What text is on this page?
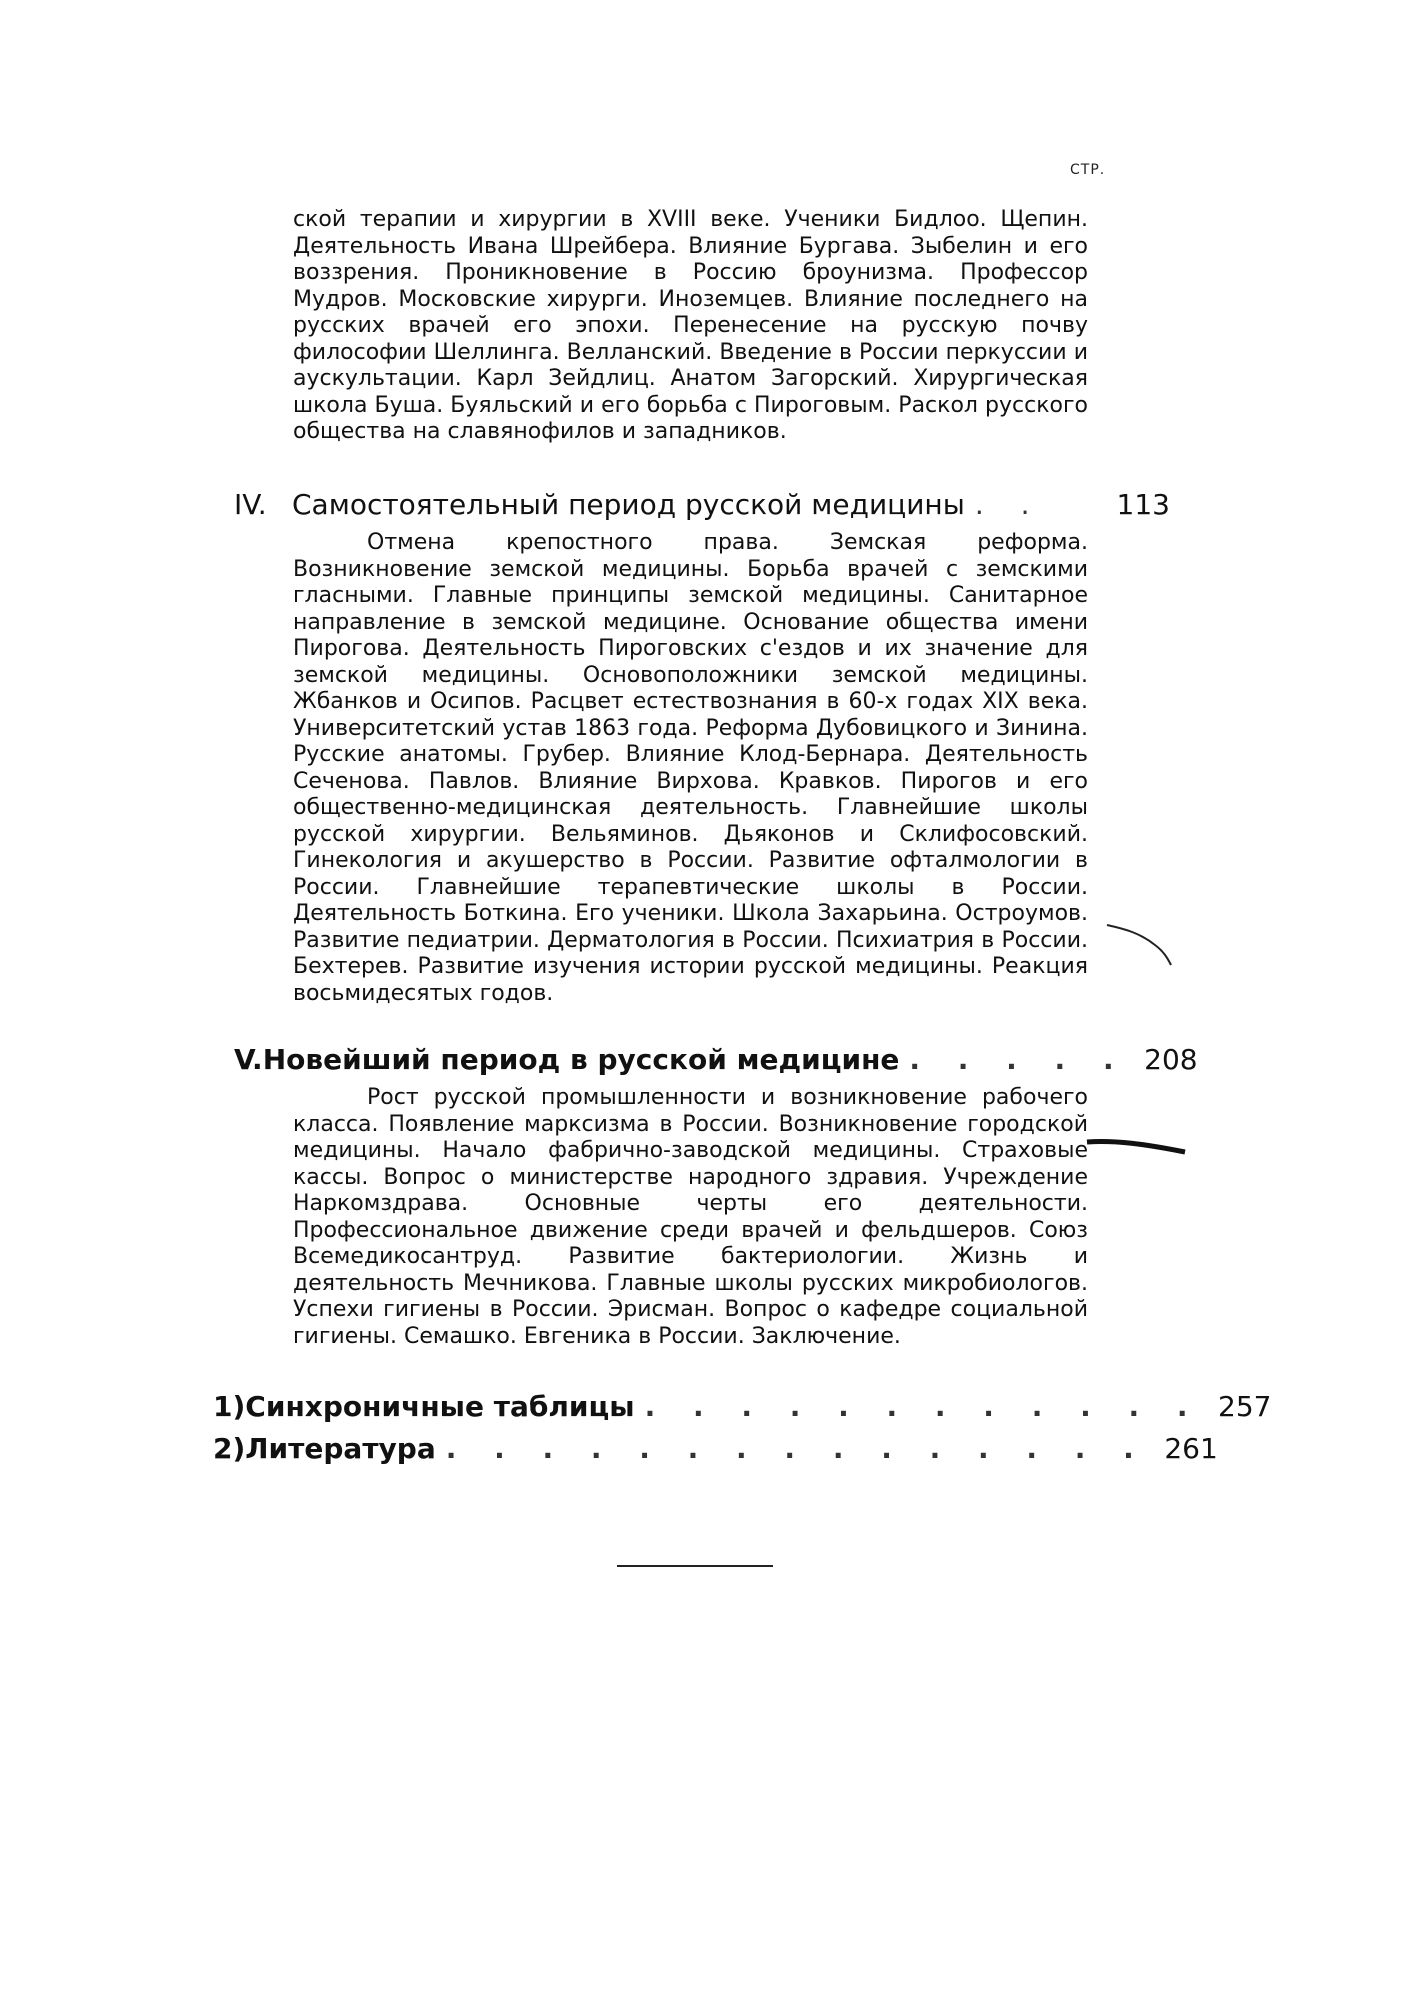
СТР.
ской терапии и хирургии в XVIII веке. Ученики Бидлоо. Щепин. Деятельность Ивана Шрейбера. Влияние Бургава. Зыбелин и его воззрения. Проникновение в Россию броунизма. Профессор Мудров. Московские хирурги. Иноземцев. Влияние последнего на русских врачей его эпохи. Перенесение на русскую почву философии Шеллинга. Велланский. Введение в России перкуссии и аускультации. Карл Зейдлиц. Анатом Загорский. Хирургическая школа Буша. Буяльский и его борьба с Пироговым. Раскол русского общества на славянофилов и западников.
IV. Самостоятельный период русской медицины . .	113
Отмена крепостного права. Земская реформа. Возникновение земской медицины. Борьба врачей с земскими гласными. Главные принципы земской медицины. Санитарное направление в земской медицине. Основание общества имени Пирогова. Деятельность Пироговских с'ездов и их значение для земской медицины. Основоположники земской медицины. Жбанков и Осипов. Расцвет естествознания в 60-х годах XIX века. Университетский устав 1863 года. Реформа Дубовицкого и Зинина. Русские анатомы. Грубер. Влияние Клод-Бернара. Деятельность Сеченова. Павлов. Влияние Вирхова. Кравков. Пирогов и его общественно-медицинская деятельность. Главнейшие школы русской хирургии. Вельяминов. Дьяконов и Склифосовский. Гинекология и акушерство в России. Развитие офталмологии в России. Главнейшие терапевтические школы в России. Деятельность Боткина. Его ученики. Школа Захарьина. Остроумов. Развитие педиатрии. Дерматология в России. Психиатрия в России. Бехтерев. Развитие изучения истории русской медицины. Реакция восьмидесятых годов.
V. Новейший период в русской медицине . . . . . 208
Рост русской промышленности и возникновение рабочего класса. Появление марксизма в России. Возникновение городской медицины. Начало фабрично-заводской медицины. Страховые кассы. Вопрос о министерстве народного здравия. Учреждение Наркомздрава. Основные черты его деятельности. Профессиональное движение среди врачей и фельдшеров. Союз Всемедикосантруд. Развитие бактериологии. Жизнь и деятельность Мечникова. Главные школы русских микробиологов. Успехи гигиены в России. Эрисман. Вопрос о кафедре социальной гигиены. Семашко. Евгеника в России. Заключение.
1) Синхроничные таблицы . . . . . . . . . . . . 257
2) Литература . . . . . . . . . . . . . . . 261
